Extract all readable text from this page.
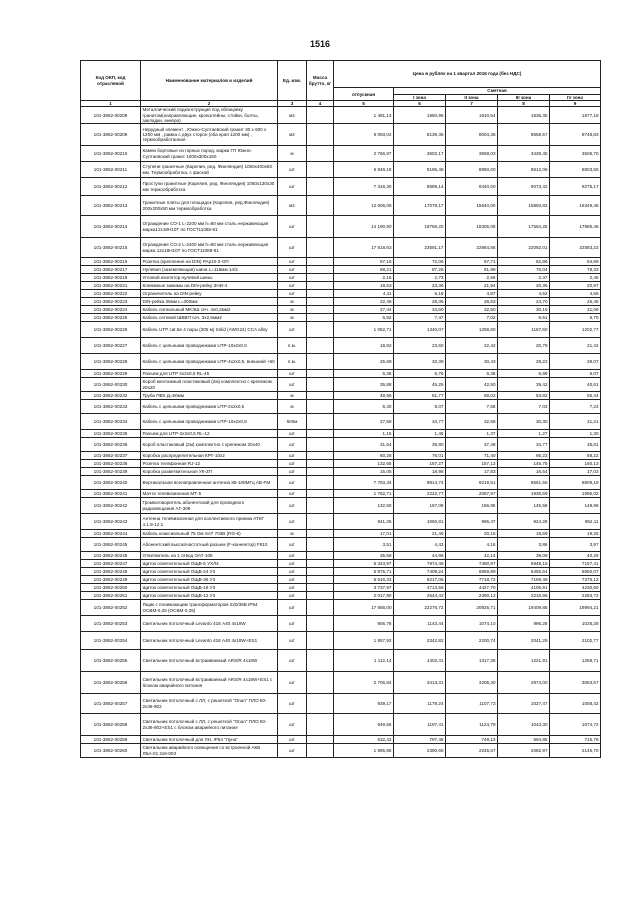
1516
Код ОКП, код отраслевой	Наименование материалов и изделий	Ед. изм.	Масса брутто, кг	Цена в рублях на 1 квартал 2016 года (без НДС)				
				отпускная	Сметная			
					I зона	II зона	III зона	IV зона
1	2	3	4	5	6	7	8	9
101-3862-00208	Металлический подконструкция под облицовку гранитом(направляющие, кронштейны, стойки, болты, закладки, анкера)	м2		1 491,13	1960,96	1910,54	1836,35	1877,18
101-3862-00209	Нерудный элемент , Южно-Султаевский гранит 30 х 600 х 1200 мм , рамка с двух сторон (оба края 1200 мм) , термообработанная	м2		6 093,04	8139,36	8004,35	8658,57	8748,83
101-3862-00210	Камни бортовые из горных пород, марки ГП Южно-Султаевский гранит 1000х300х150	м		2 766,97	3602,17	3568,03	3438,45	3506,70
101-3862-00211	Ступени гранитные (Карелия, ред. Финляндия) 1050х400х50 мм. Термообработка, с фаской	шт		6 948,18	9196,48	8950,00	8612,06	8603,55
101-3862-00212	Проступи гранитные (Карелия, ред. Финляндия) 1050х130х30 мм термообработка	шт		7 316,30	8689,14	9440,00	9073,42	9275,17
101-3862-00213	Гранитные плиты для площадок (Карелия, ред.Финляндия) 200х200х50 мм термообработка	м2		12 606,06	17078,17	15640,00	15893,83	16349,48
101-3862-00214	Ограждение СО-1 L-2200 мм h=80 мм сталь нержавеющая марка12х18Н10Т по ГОСТ11068-81	шт		14 190,90	18768,20	18305,08	17594,25	17985,46
101-3862-00215	Ограждение СО-2 L-2400 мм h=80 мм сталь нержавеющая марка 12х18Н10Т по ГОСТ11068-81	шт		17 818,63	23591,17	22984,56	22092,01	22583,23
101-3862-00216	Розетка (крепление на DIN) РАр10-3-ОП	шт		57,16	72,06	67,71	62,86	64,69
101-3862-00217	Нулевая (заземляющая) шина L=115мм 14/2	шт		69,21	87,28	81,98	76,04	78,33
101-3862-00218	Угловой изолятор нулевой шины	шт		2,16	2,73	2,56	2,37	2,45
101-3862-00221	Клеммные зажимы на DIN-рейку ЗНИ-4	шт		18,53	23,36	21,94	20,35	20,97
101-3862-00222	Ограничитель на DIN-рейку	шт		4,11	5,18	4,87	4,52	4,65
101-3862-00223	DIN-рейка 35мм L=300мм	м		22,48	28,35	26,63	24,70	25,45
101-3862-00224	Кабель сигнальный МКЭШ сеч. 4х0,2мм2	м		27,44	34,60	32,50	30,15	31,06
101-3862-00225	Кабель сетевой ШВВП сеч. 3х2,5мм2	м		5,92	7,47	7,02	6,51	6,70
101-3862-00226	Кабель UTP cat.5e 4 пары (305 м) Solid (AWG24) CCA alloy	шт		1 062,71	1340,07	1258,60	1167,60	1202,77
101-3862-00227	Кабель с цельными проводниками UTP-10х2х0,5	п.м.		18,92	23,60	22,42	20,79	21,42
101-3862-00228	Кабель с цельными проводниками UTP-4х2х0,5, внешний +60	п.м.		25,69	32,39	30,43	28,22	29,07
101-3862-00229	Разъем для UTP 4х2х0,5 RL-45	шт		5,36	6,76	6,35	5,89	6,07
101-3862-00230	Короб монтажный пластиковый (2м) комплектно с крепежом 20х20	шт		35,88	45,25	42,50	39,42	40,61
101-3862-00232	Труба ПВХ Д=50мм	м		48,96	61,77	58,02	53,82	55,44
101-3862-00233	Кабель с цельными проводниками UTP-2х2х0,5	м		6,40	8,07	7,58	7,03	7,24
101-3862-00234	Кабель с цельными проводниками UTP-10х2х0,5	500м		27,58	34,77	32,66	30,30	31,21
101-3862-00235	Разъем для UTP-2х2х0,5 RL-12	шт		1,15	1,45	1,37	1,27	1,30
101-3862-00236	Короб пластиковый (2м) комплектно с крепежом 20х40	шт		31,64	39,90	37,48	34,77	35,81
101-3862-00237	Коробка распределительная КРТ-10х2	шт		60,28	76,01	71,40	66,23	68,22
101-3862-00238	Розетка телефонная RJ-12	шт		132,65	167,27	157,13	145,75	150,13
101-3862-00239	Коробка разветвительная УК-2П	шт		15,05	18,98	17,83	16,54	17,03
101-3862-00240	Вертикальная всенаправленная антенна 85-108МГц АВ-FM	шт		7 783,34	9814,74	9219,51	8551,55	8809,19
101-3862-00241	Мачта телевизионная МТ-5	шт		1 762,71	2222,77	2087,97	1936,69	1995,02
101-3862-00242	Громкоговоритель абонентский для проводного радиовещания АГ-306	шт		132,50	167,08	156,95	145,58	149,96
101-3862-00243	Антенна телевизионная для коллективного приема АТКГ 4.1.8-12.1	шт		841,25	1060,81	996,47	924,28	952,11
101-3862-00244	Кабель коаксиальный 75 Ом SAT 703В (RG-6)	м		17,01	21,45	20,15	18,69	19,25
101-3862-00245	Абонентский высокочастотный разъем (F-коннектор) F810	шт		3,51	4,43	4,16	3,86	3,97
101-3862-00246	Ответвитель на 1 отвод ОАТ-108	шт		35,58	44,86	42,14	39,09	40,26
101-3862-00247	Щиток осветительный ОЩВ-6 УХЛ4	шт		6 323,97	7974,49	7490,87	6948,15	7157,41
101-3862-00248	Щиток осветительный ОЩВ-24 УЗ	шт		5 875,71	7409,24	6959,89	6455,64	6650,07
101-3862-00249	Щиток осветительный ОЩВ-36 УЗ	шт		6 516,33	8217,05	7718,72	7159,49	7375,12
101-3862-00250	Щиток осветительный ОЩВ-18 УЗ	шт		3 737,97	4713,56	4427,70	4106,91	4230,60
101-3862-00251	Щиток осветительный ОЩВ-12 УЗ	шт		2 017,80	2544,43	2390,12	2216,95	2283,72
101-3862-00252	Ящик с понижающим трансформатором 220/36В IP54 ОСВМ-0,25 (ОСВМ-0,25)	шт		17 666,00	22276,72	20925,71	19409,85	19994,21
101-3862-00253	Светильник потолочный Levanto 418 А40 4х18W	шт		906,78	1143,44	1074,10	996,28	1026,28
101-3862-00254	Светильник потолочный Levanto 418 А40 4х18W+ES1	шт		1 857,92	2342,82	2200,74	2041,29	2102,77
101-3862-00255	Светильник потолочный встраиваемый ARS/R 4х18W	шт		1 112,14	1402,41	1317,36	1221,91	1258,71
101-3862-00256	Светильник потолочный встраиваемый ARS/R 4х18W+ES1 с блоком аварийного питания	шт		2 706,84	3413,31	3206,30	2974,00	3063,57
101-3862-00257	Светильник потолочный с ЛЛ, с решеткой "Опал" ПЛО 50-2х36-902	шт		939,17	1178,24	1107,73	1027,47	1058,42
101-3862-00258	Светильник потолочный с ЛЛ, с решеткой "Опал" ПЛО 50-2х36-902+ES1 с блоком аварийного питания	шт		949,56	1197,41	1124,79	1043,30	1074,72
101-3862-00259	Светильник потолочный для ЛН, IP54 "Луна"	шт		632,43	797,49	749,13	694,85	715,78
101-3862-00260	Светильник аварийного освещения со встроенной АКБ ЛБА-01 2х8-003	шт		1 895,85	2390,65	2245,67	2082,97	2145,70
